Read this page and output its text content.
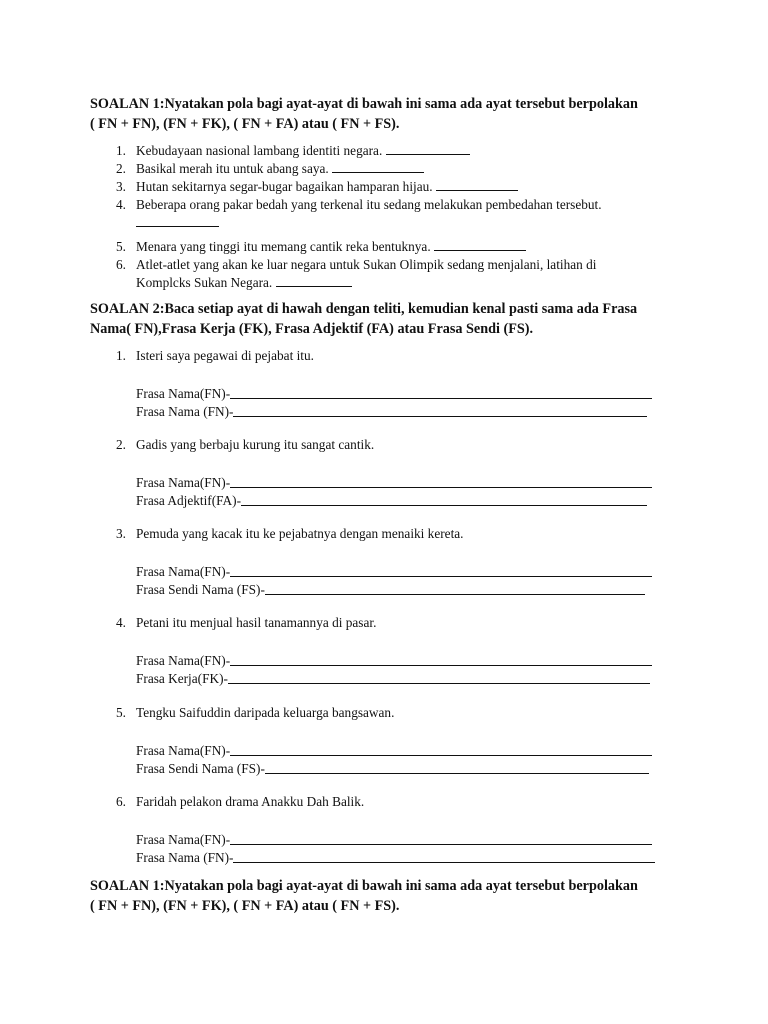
SOALAN 1:Nyatakan pola bagi ayat-ayat di bawah ini sama ada ayat tersebut berpolakan
( FN + FN), (FN + FK), ( FN + FA) atau ( FN + FS).
1. Kebudayaan nasional lambang identiti negara.
2. Basikal merah itu untuk abang saya.
3. Hutan sekitarnya segar-bugar bagaikan hamparan hijau.
4. Beberapa orang pakar bedah yang terkenal itu sedang melakukan pembedahan tersebut.

5. Menara yang tinggi itu memang cantik reka bentuknya.
6. Atlet-atlet yang akan ke luar negara untuk Sukan Olimpik sedang menjalani, latihan di
Komplcks Sukan Negara.
SOALAN 2:Baca setiap ayat di hawah dengan teliti, kemudian kenal pasti sama ada Frasa
Nama( FN),Frasa Kerja (FK), Frasa Adjektif (FA) atau Frasa Sendi (FS).
1. Isteri saya pegawai di pejabat itu.
Frasa Nama(FN)-
Frasa Nama (FN)-
2. Gadis yang berbaju kurung itu sangat cantik.
Frasa Nama(FN)-
Frasa Adjektif(FA)-
3. Pemuda yang kacak itu ke pejabatnya dengan menaiki kereta.
Frasa Nama(FN)-
Frasa Sendi Nama (FS)-
4. Petani itu menjual hasil tanamannya di pasar.
Frasa Nama(FN)-
Frasa Kerja(FK)-
5. Tengku Saifuddin daripada keluarga bangsawan.
Frasa Nama(FN)-
Frasa Sendi Nama (FS)-
6. Faridah pelakon drama Anakku Dah Balik.
Frasa Nama(FN)-
Frasa Nama (FN)-
SOALAN 1:Nyatakan pola bagi ayat-ayat di bawah ini sama ada ayat tersebut berpolakan
( FN + FN), (FN + FK), ( FN + FA) atau ( FN + FS).
